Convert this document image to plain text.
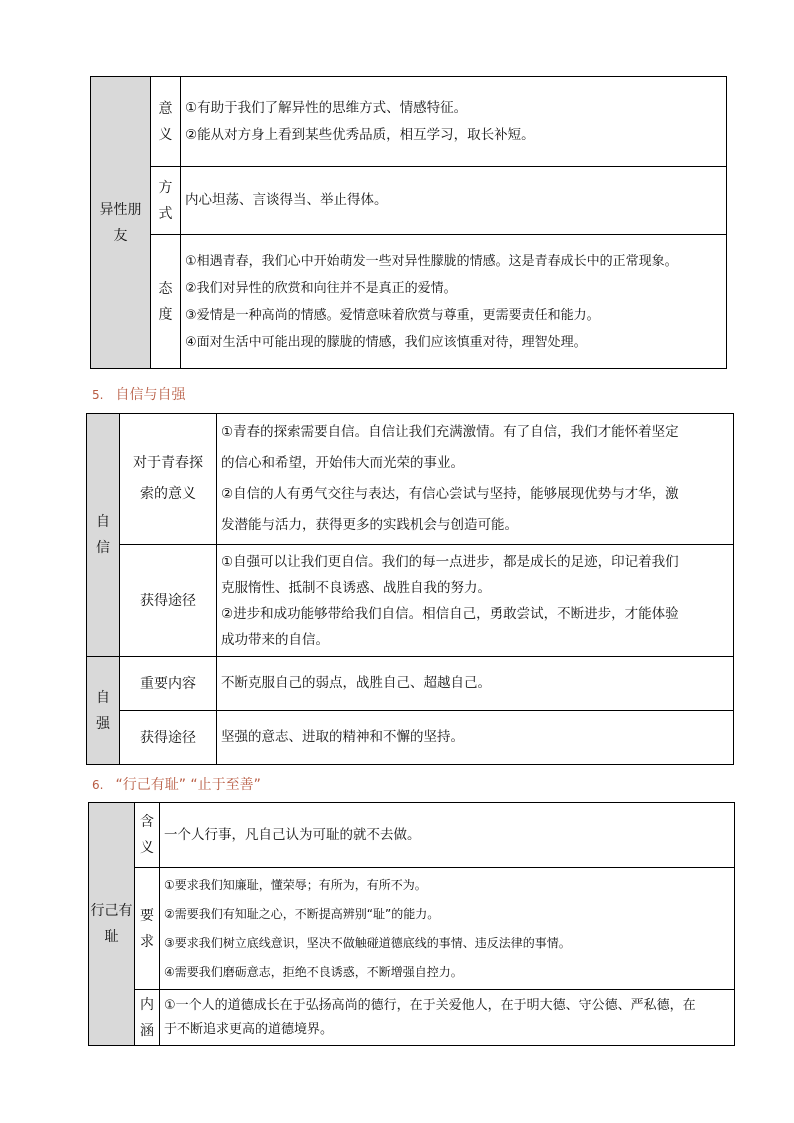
异性朋友	意义	①有助于我们了解异性的思维方式、情感特征。
②能从对方身上看到某些优秀品质，相互学习，取长补短。

	方式	内心坦荡、言谈得当、举止得体。

	态度	①相遇青春，我们心中开始萌发一些对异性朦胧的情感。这是青春成长中的正常现象。
②我们对异性的欣赏和向往并不是真正的爱情。
③爱情是一种高尚的情感。爱情意味着欣赏与尊重，更需要责任和能力。
④面对生活中可能出现的朦胧的情感，我们应该慎重对待，理智处理。
5. 自信与自强
自信	对于青春探索的意义	①青春的探索需要自信。自信让我们充满激情。有了自信，我们才能怀着坚定
的信心和希望，开始伟大而光荣的事业。
②自信的人有勇气交往与表达，有信心尝试与坚持，能够展现优势与才华，激
发潜能与活力，获得更多的实践机会与创造可能。

	获得途径	①自强可以让我们更自信。我们的每一点进步，都是成长的足迹，印记着我们
克服惰性、抵制不良诱惑、战胜自我的努力。
②进步和成功能够带给我们自信。相信自己，勇敢尝试，不断进步，才能体验
成功带来的自信。

自强	重要内容	不断克服自己的弱点，战胜自己、超越自己。

	获得途径	坚强的意志、进取的精神和不懈的坚持。
6. “行己有耻” “止于至善”
行己有耻	含义	一个人行事，凡自己认为可耻的就不去做。

	要求	①要求我们知廉耻，懂荣辱；有所为，有所不为。
②需要我们有知耻之心，不断提高辨别“耻”的能力。
③要求我们树立底线意识，坚决不做触碰道德底线的事情、违反法律的事情。
④需要我们磨砺意志，拒绝不良诱惑，不断增强自控力。

	内涵	①一个人的道德成长在于弘扬高尚的德行，在于关爱他人，在于明大德、守公德、严私德，在
于不断追求更高的道德境界。
